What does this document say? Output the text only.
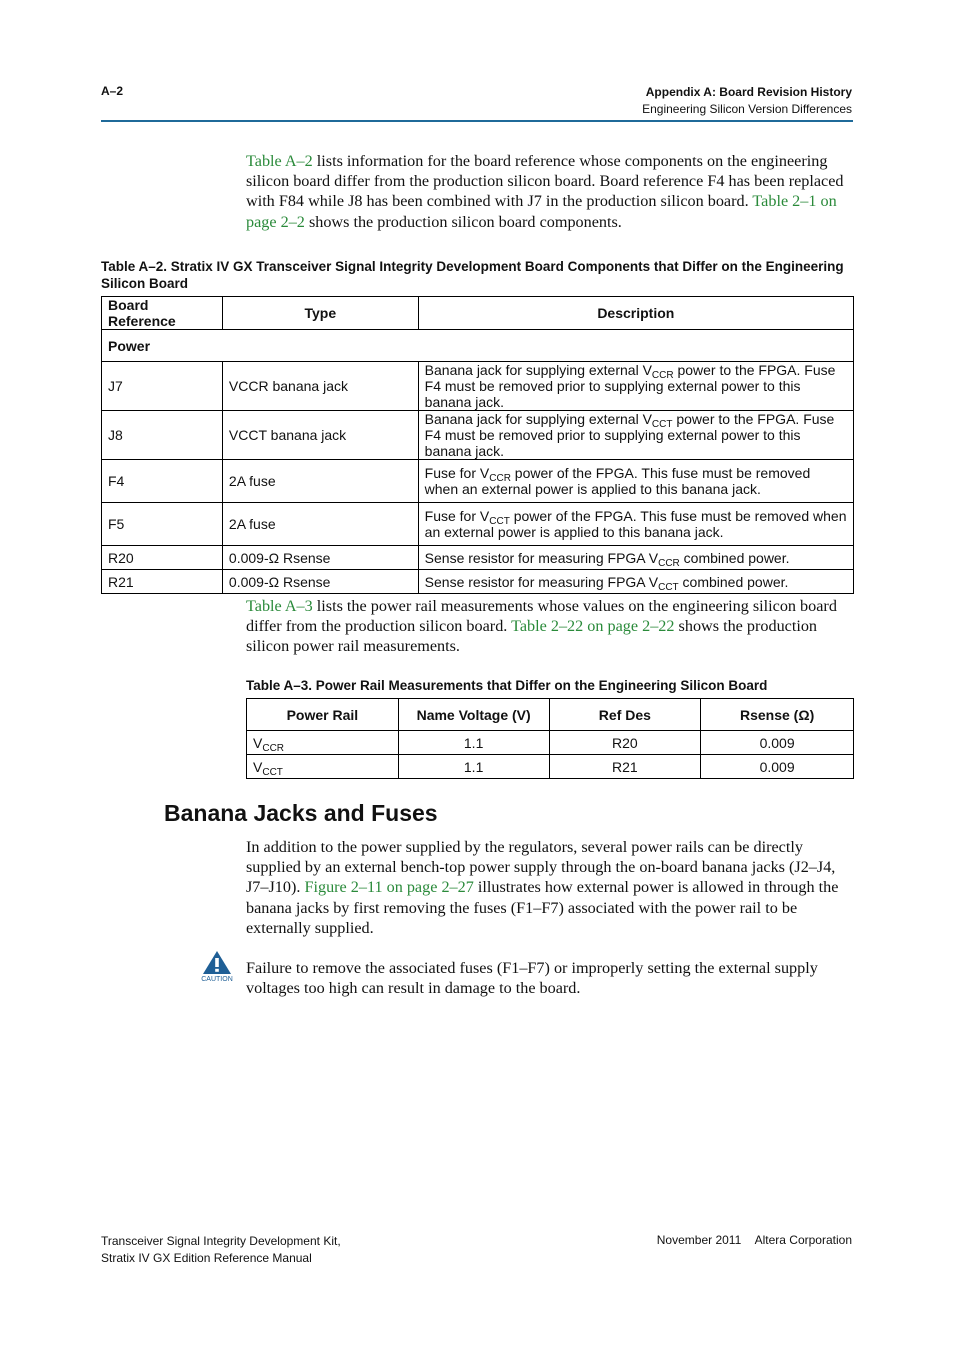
A–2	Appendix A: Board Revision History
Engineering Silicon Version Differences
Table A–2 lists information for the board reference whose components on the engineering silicon board differ from the production silicon board. Board reference F4 has been replaced with F84 while J8 has been combined with J7 in the production silicon board. Table 2–1 on page 2–2 shows the production silicon board components.
Table A–2. Stratix IV GX Transceiver Signal Integrity Development Board Components that Differ on the Engineering Silicon Board
Board Reference	Type	Description
Power		
J7	VCCR banana jack	Banana jack for supplying external $V_{CCR}$ power to the FPGA. Fuse F4 must be removed prior to supplying external power to this banana jack.
J8	VCCT banana jack	Banana jack for supplying external $V_{CCT}$ power to the FPGA. Fuse F4 must be removed prior to supplying external power to this banana jack.
F4	2A fuse	Fuse for $V_{CCR}$ power of the FPGA. This fuse must be removed when an external power is applied to this banana jack.
F5	2A fuse	Fuse for $V_{CCT}$ power of the FPGA. This fuse must be removed when an external power is applied to this banana jack.
R20	0.009-Ω Rsense	Sense resistor for measuring FPGA $V_{CCR}$ combined power.
R21	0.009-Ω Rsense	Sense resistor for measuring FPGA $V_{CCT}$ combined power.
Table A–3 lists the power rail measurements whose values on the engineering silicon board differ from the production silicon board. Table 2–22 on page 2–22 shows the production silicon power rail measurements.
Table A–3. Power Rail Measurements that Differ on the Engineering Silicon Board
Power Rail	Name Voltage (V)	Ref Des	Rsense (Ω)
$V_{CCR}$	1.1	R20	0.009
$V_{CCT}$	1.1	R21	0.009
Banana Jacks and Fuses
In addition to the power supplied by the regulators, several power rails can be directly supplied by an external bench-top power supply through the on-board banana jacks (J2–J4, J7–J10). Figure 2–11 on page 2–27 illustrates how external power is allowed in through the banana jacks by first removing the fuses (F1–F7) associated with the power rail to be externally supplied.
CAUTION
Failure to remove the associated fuses (F1–F7) or improperly setting the external supply voltages too high can result in damage to the board.
Transceiver Signal Integrity Development Kit,
Stratix IV GX Edition Reference Manual
November 2011 Altera Corporation
